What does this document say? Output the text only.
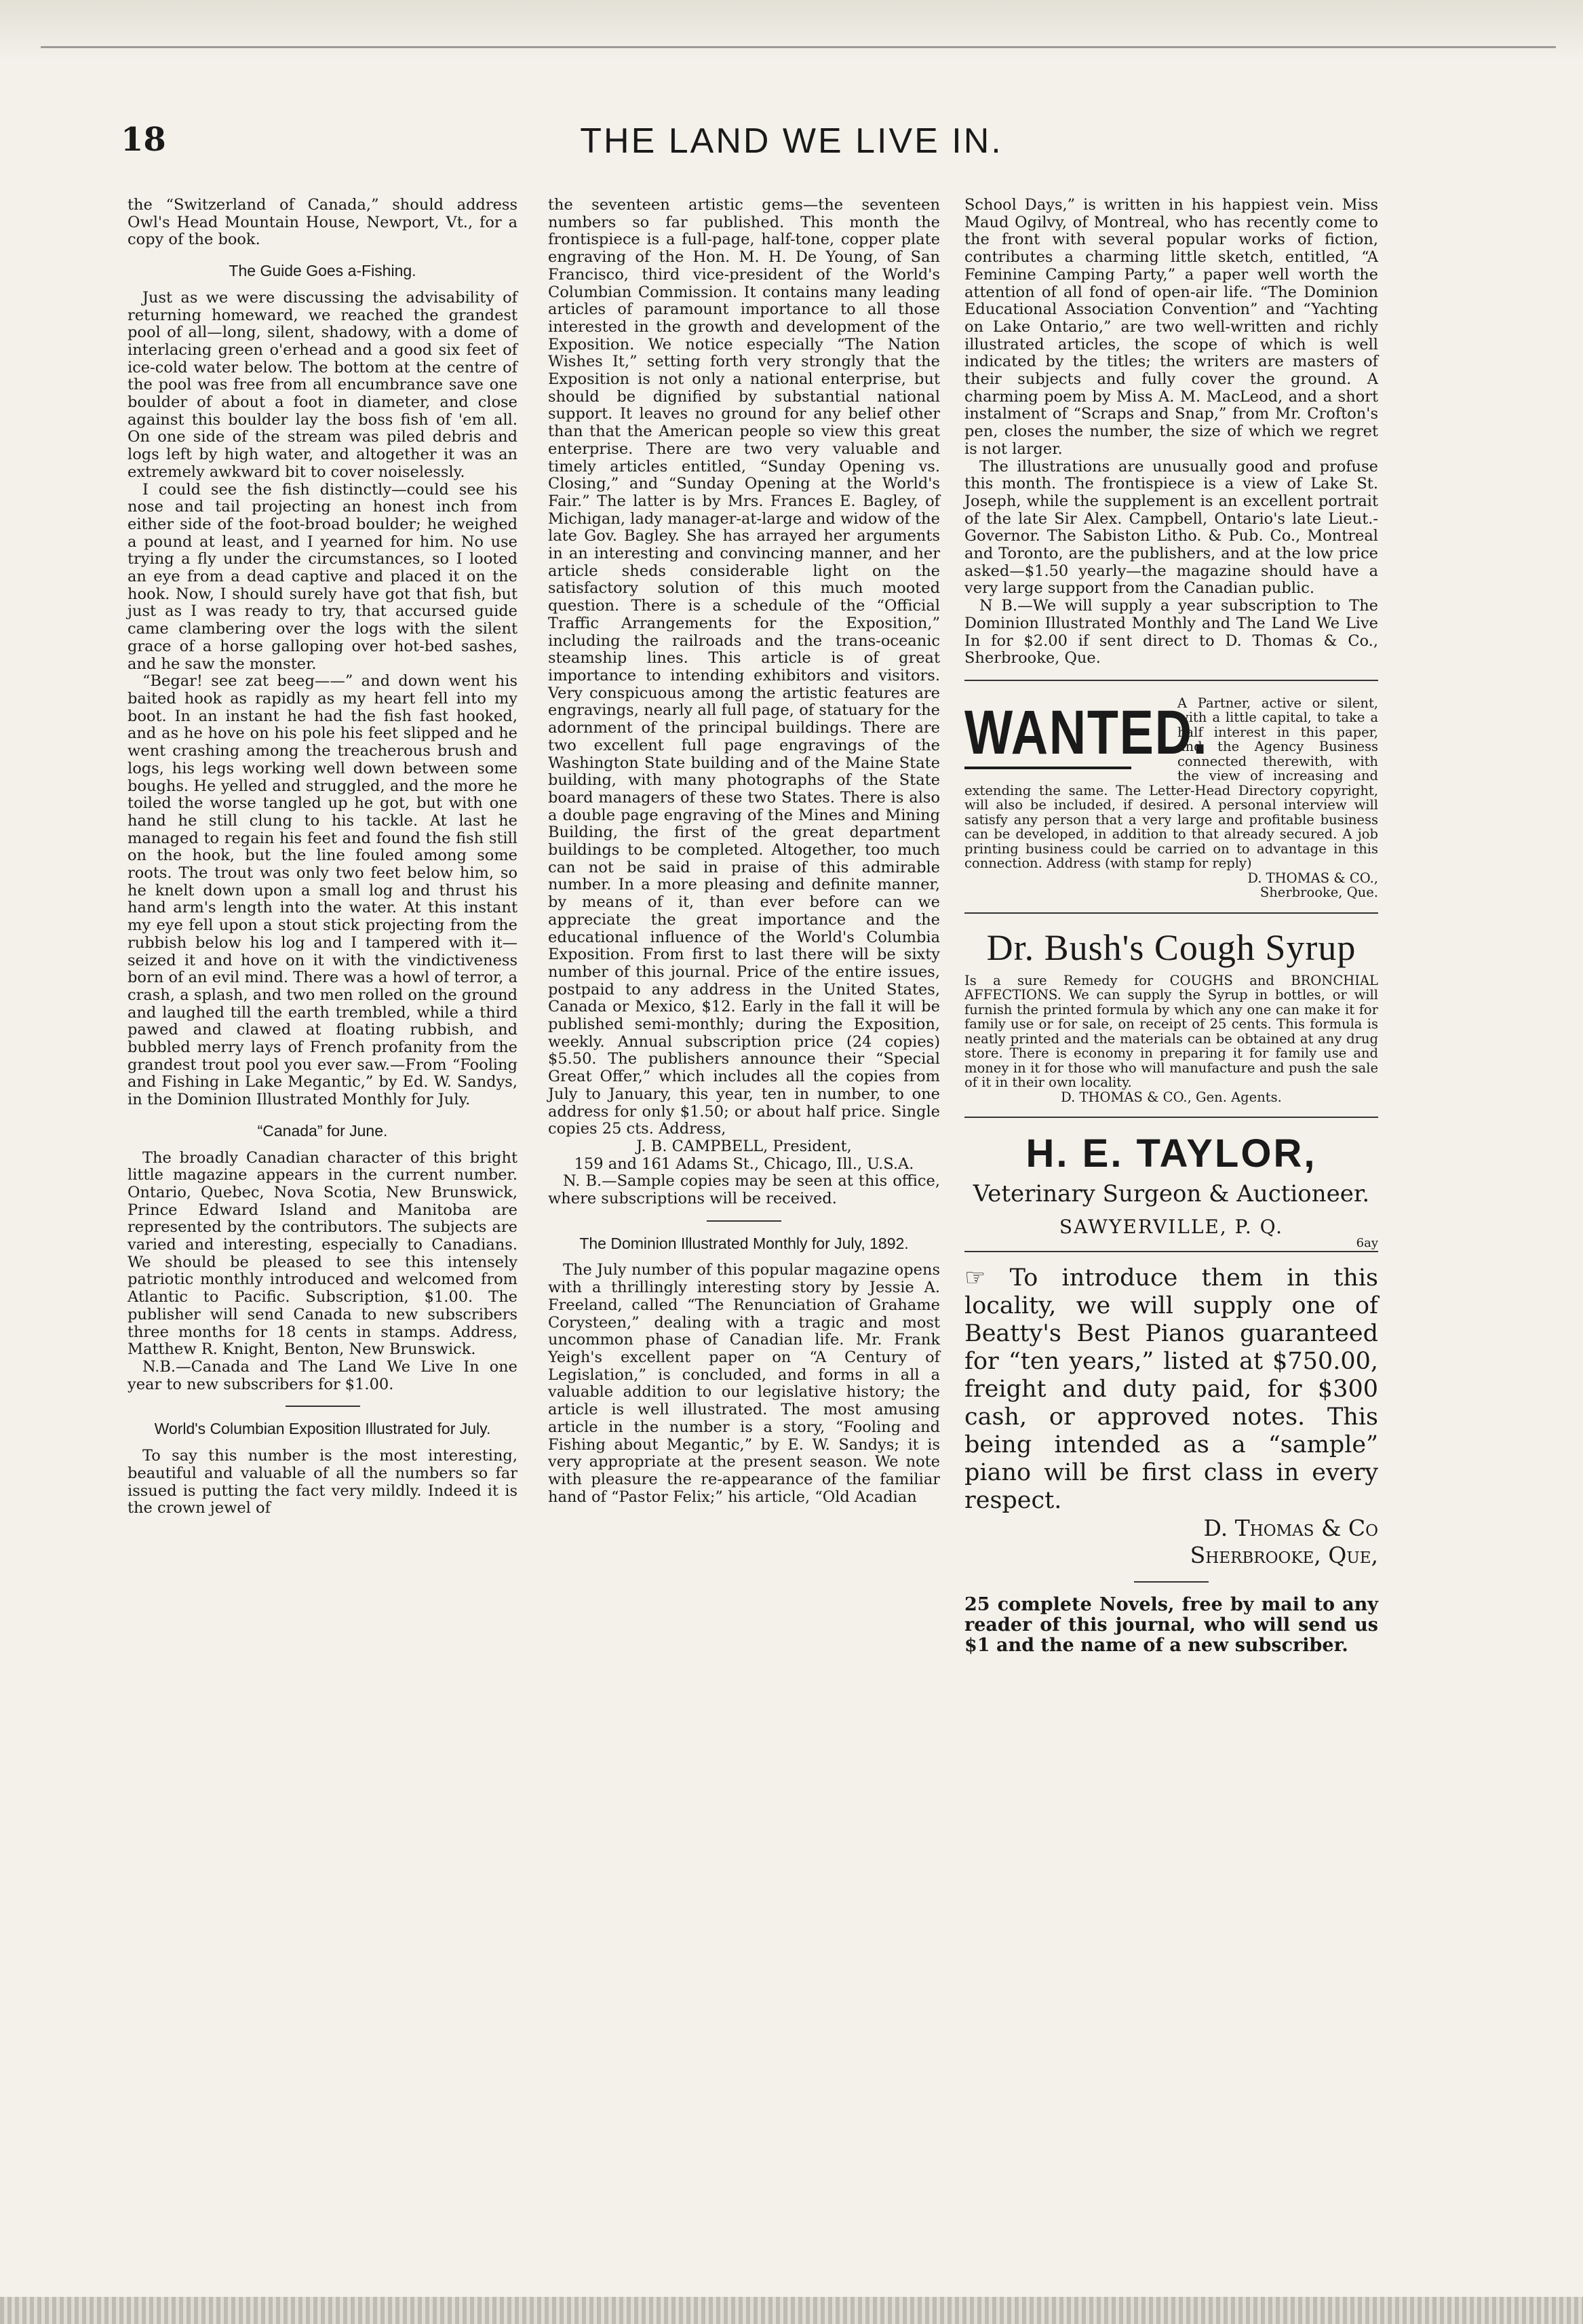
18	THE LAND WE LIVE IN.

the “Switzerland of Canada,” should address Owl's Head Mountain House, Newport, Vt., for a copy of the book.

The Guide Goes a-Fishing.

Just as we were discussing the advisability of returning homeward, we reached the grandest pool of all—long, silent, shadowy, with a dome of interlacing green o'erhead and a good six feet of ice-cold water below. The bottom at the centre of the pool was free from all encumbrance save one boulder of about a foot in diameter, and close against this boulder lay the boss fish of 'em all. On one side of the stream was piled debris and logs left by high water, and altogether it was an extremely awkward bit to cover noiselessly.

I could see the fish distinctly—could see his nose and tail projecting an honest inch from either side of the foot-broad boulder; he weighed a pound at least, and I yearned for him. No use trying a fly under the circumstances, so I looted an eye from a dead captive and placed it on the hook. Now, I should surely have got that fish, but just as I was ready to try, that accursed guide came clambering over the logs with the silent grace of a horse galloping over hot-bed sashes, and he saw the monster.

“Begar! see zat beeg——” and down went his baited hook as rapidly as my heart fell into my boot. In an instant he had the fish fast hooked, and as he hove on his pole his feet slipped and he went crashing among the treacherous brush and logs, his legs working well down between some boughs. He yelled and struggled, and the more he toiled the worse tangled up he got, but with one hand he still clung to his tackle. At last he managed to regain his feet and found the fish still on the hook, but the line fouled among some roots. The trout was only two feet below him, so he knelt down upon a small log and thrust his hand arm's length into the water. At this instant my eye fell upon a stout stick projecting from the rubbish below his log and I tampered with it—seized it and hove on it with the vindictiveness born of an evil mind. There was a howl of terror, a crash, a splash, and two men rolled on the ground and laughed till the earth trembled, while a third pawed and clawed at floating rubbish, and bubbled merry lays of French profanity from the grandest trout pool you ever saw.—From “Fooling and Fishing in Lake Megantic,” by Ed. W. Sandys, in the Dominion Illustrated Monthly for July.

“Canada” for June.

The broadly Canadian character of this bright little magazine appears in the current number. Ontario, Quebec, Nova Scotia, New Brunswick, Prince Edward Island and Manitoba are represented by the contributors. The subjects are varied and interesting, especially to Canadians. We should be pleased to see this intensely patriotic monthly introduced and welcomed from Atlantic to Pacific. Subscription, $1.00. The publisher will send Canada to new subscribers three months for 18 cents in stamps. Address, Matthew R. Knight, Benton, New Brunswick.

N.B.—Canada and The Land We Live In one year to new subscribers for $1.00.

World's Columbian Exposition Illustrated for July.

To say this number is the most interesting, beautiful and valuable of all the numbers so far issued is putting the fact very mildly. Indeed it is the crown jewel of

the seventeen artistic gems—the seventeen numbers so far published. This month the frontispiece is a full-page, half-tone, copper plate engraving of the Hon. M. H. De Young, of San Francisco, third vice-president of the World's Columbian Commission. It contains many leading articles of paramount importance to all those interested in the growth and development of the Exposition. We notice especially “The Nation Wishes It,” setting forth very strongly that the Exposition is not only a national enterprise, but should be dignified by substantial national support. It leaves no ground for any belief other than that the American people so view this great enterprise. There are two very valuable and timely articles entitled, “Sunday Opening vs. Closing,” and “Sunday Opening at the World's Fair.” The latter is by Mrs. Frances E. Bagley, of Michigan, lady manager-at-large and widow of the late Gov. Bagley. She has arrayed her arguments in an interesting and convincing manner, and her article sheds considerable light on the satisfactory solution of this much mooted question. There is a schedule of the “Official Traffic Arrangements for the Exposition,” including the railroads and the trans-oceanic steamship lines. This article is of great importance to intending exhibitors and visitors. Very conspicuous among the artistic features are engravings, nearly all full page, of statuary for the adornment of the principal buildings. There are two excellent full page engravings of the Washington State building and of the Maine State building, with many photographs of the State board managers of these two States. There is also a double page engraving of the Mines and Mining Building, the first of the great department buildings to be completed. Altogether, too much can not be said in praise of this admirable number. In a more pleasing and definite manner, by means of it, than ever before can we appreciate the great importance and the educational influence of the World's Columbia Exposition. From first to last there will be sixty number of this journal. Price of the entire issues, postpaid to any address in the United States, Canada or Mexico, $12. Early in the fall it will be published semi-monthly; during the Exposition, weekly. Annual subscription price (24 copies) $5.50. The publishers announce their “Special Great Offer,” which includes all the copies from July to January, this year, ten in number, to one address for only $1.50; or about half price. Single copies 25 cts. Address,

J. B. CAMPBELL, President,

159 and 161 Adams St., Chicago, Ill., U.S.A.

N. B.—Sample copies may be seen at this office, where subscriptions will be received.

The Dominion Illustrated Monthly for July, 1892.

The July number of this popular magazine opens with a thrillingly interesting story by Jessie A. Freeland, called “The Renunciation of Grahame Corysteen,” dealing with a tragic and most uncommon phase of Canadian life. Mr. Frank Yeigh's excellent paper on “A Century of Legislation,” is concluded, and forms in all a valuable addition to our legislative history; the article is well illustrated. The most amusing article in the number is a story, “Fooling and Fishing about Megantic,” by E. W. Sandys; it is very appropriate at the present season. We note with pleasure the re-appearance of the familiar hand of “Pastor Felix;” his article, “Old Acadian

School Days,” is written in his happiest vein. Miss Maud Ogilvy, of Montreal, who has recently come to the front with several popular works of fiction, contributes a charming little sketch, entitled, “A Feminine Camping Party,” a paper well worth the attention of all fond of open-air life. “The Dominion Educational Association Convention” and “Yachting on Lake Ontario,” are two well-written and richly illustrated articles, the scope of which is well indicated by the titles; the writers are masters of their subjects and fully cover the ground. A charming poem by Miss A. M. MacLeod, and a short instalment of “Scraps and Snap,” from Mr. Crofton's pen, closes the number, the size of which we regret is not larger.

The illustrations are unusually good and profuse this month. The frontispiece is a view of Lake St. Joseph, while the supplement is an excellent portrait of the late Sir Alex. Campbell, Ontario's late Lieut.-Governor. The Sabiston Litho. & Pub. Co., Montreal and Toronto, are the publishers, and at the low price asked—$1.50 yearly—the magazine should have a very large support from the Canadian public.

N B.—We will supply a year subscription to The Dominion Illustrated Monthly and The Land We Live In for $2.00 if sent direct to D. Thomas & Co., Sherbrooke, Que.

WANTED.

A Partner, active or silent, with a little capital, to take a half interest in this paper, and the Agency Business connected therewith, with the view of increasing and extending the same. The Letter-Head Directory copyright, will also be included, if desired. A personal interview will satisfy any person that a very large and profitable business can be developed, in addition to that already secured. A job printing business could be carried on to advantage in this connection. Address (with stamp for reply)

D. THOMAS & CO.,

Sherbrooke, Que.

Dr. Bush's Cough Syrup

Is a sure Remedy for COUGHS and BRONCHIAL AFFECTIONS. We can supply the Syrup in bottles, or will furnish the printed formula by which any one can make it for family use or for sale, on receipt of 25 cents. This formula is neatly printed and the materials can be obtained at any drug store. There is economy in preparing it for family use and money in it for those who will manufacture and push the sale of it in their own locality.

D. THOMAS & CO., Gen. Agents.

H. E. TAYLOR,
Veterinary Surgeon & Auctioneer.
SAWYERVILLE, P. Q.
6ay

☞ To introduce them in this locality, we will supply one of Beatty's Best Pianos guaranteed for “ten years,” listed at $750.00, freight and duty paid, for $300 cash, or approved notes. This being intended as a “sample” piano will be first class in every respect.

D. Thomas & Co

Sherbrooke, Que,

25 complete Novels, free by mail to any reader of this journal, who will send us $1 and the name of a new subscriber.
